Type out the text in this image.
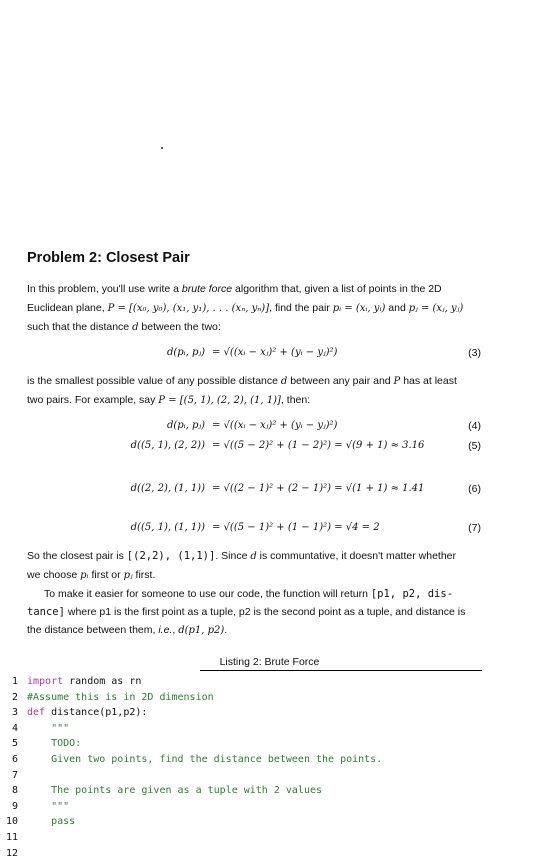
Problem 2: Closest Pair
In this problem, you'll use write a brute force algorithm that, given a list of points in the 2D
Euclidean plane, P = [(x₀, y₀), (x₁, y₁), . . . (xₙ, yₙ)], find the pair pᵢ = (xᵢ, yᵢ) and pⱼ = (xⱼ, yⱼ)
such that the distance d between the two:
d(pᵢ, pⱼ) = √((xᵢ − xⱼ)² + (yᵢ − yⱼ)²)	(3)
is the smallest possible value of any possible distance d between any pair and P has at least
two pairs. For example, say P = [(5, 1), (2, 2), (1, 1)], then:
d(pᵢ, pⱼ) = √((xᵢ − xⱼ)² + (yᵢ − yⱼ)²)	(4)
d((5, 1), (2, 2)) = √((5 − 2)² + (1 − 2)²) = √(9 + 1) ≈ 3.16	(5)
d((2, 2), (1, 1)) = √((2 − 1)² + (2 − 1)²) = √(1 + 1) ≈ 1.41	(6)
d((5, 1), (1, 1)) = √((5 − 1)² + (1 − 1)²) = √4 = 2	(7)
So the closest pair is [(2,2), (1,1)]. Since d is communtative, it doesn't matter whether
we choose pᵢ first or pⱼ first.
To make it easier for someone to use our code, the function will return [p1, p2, dis-
tance] where p1 is the first point as a tuple, p2 is the second point as a tuple, and distance is
the distance between them, i.e., d(p1, p2).
Listing 2: Brute Force
1 import random as rn
2 #Assume this is in 2D dimension
3 def distance(p1,p2):
4    """
5    TODO:
6    Given two points, find the distance between the points.
7
8    The points are given as a tuple with 2 values
9    """
10    pass
11
12
